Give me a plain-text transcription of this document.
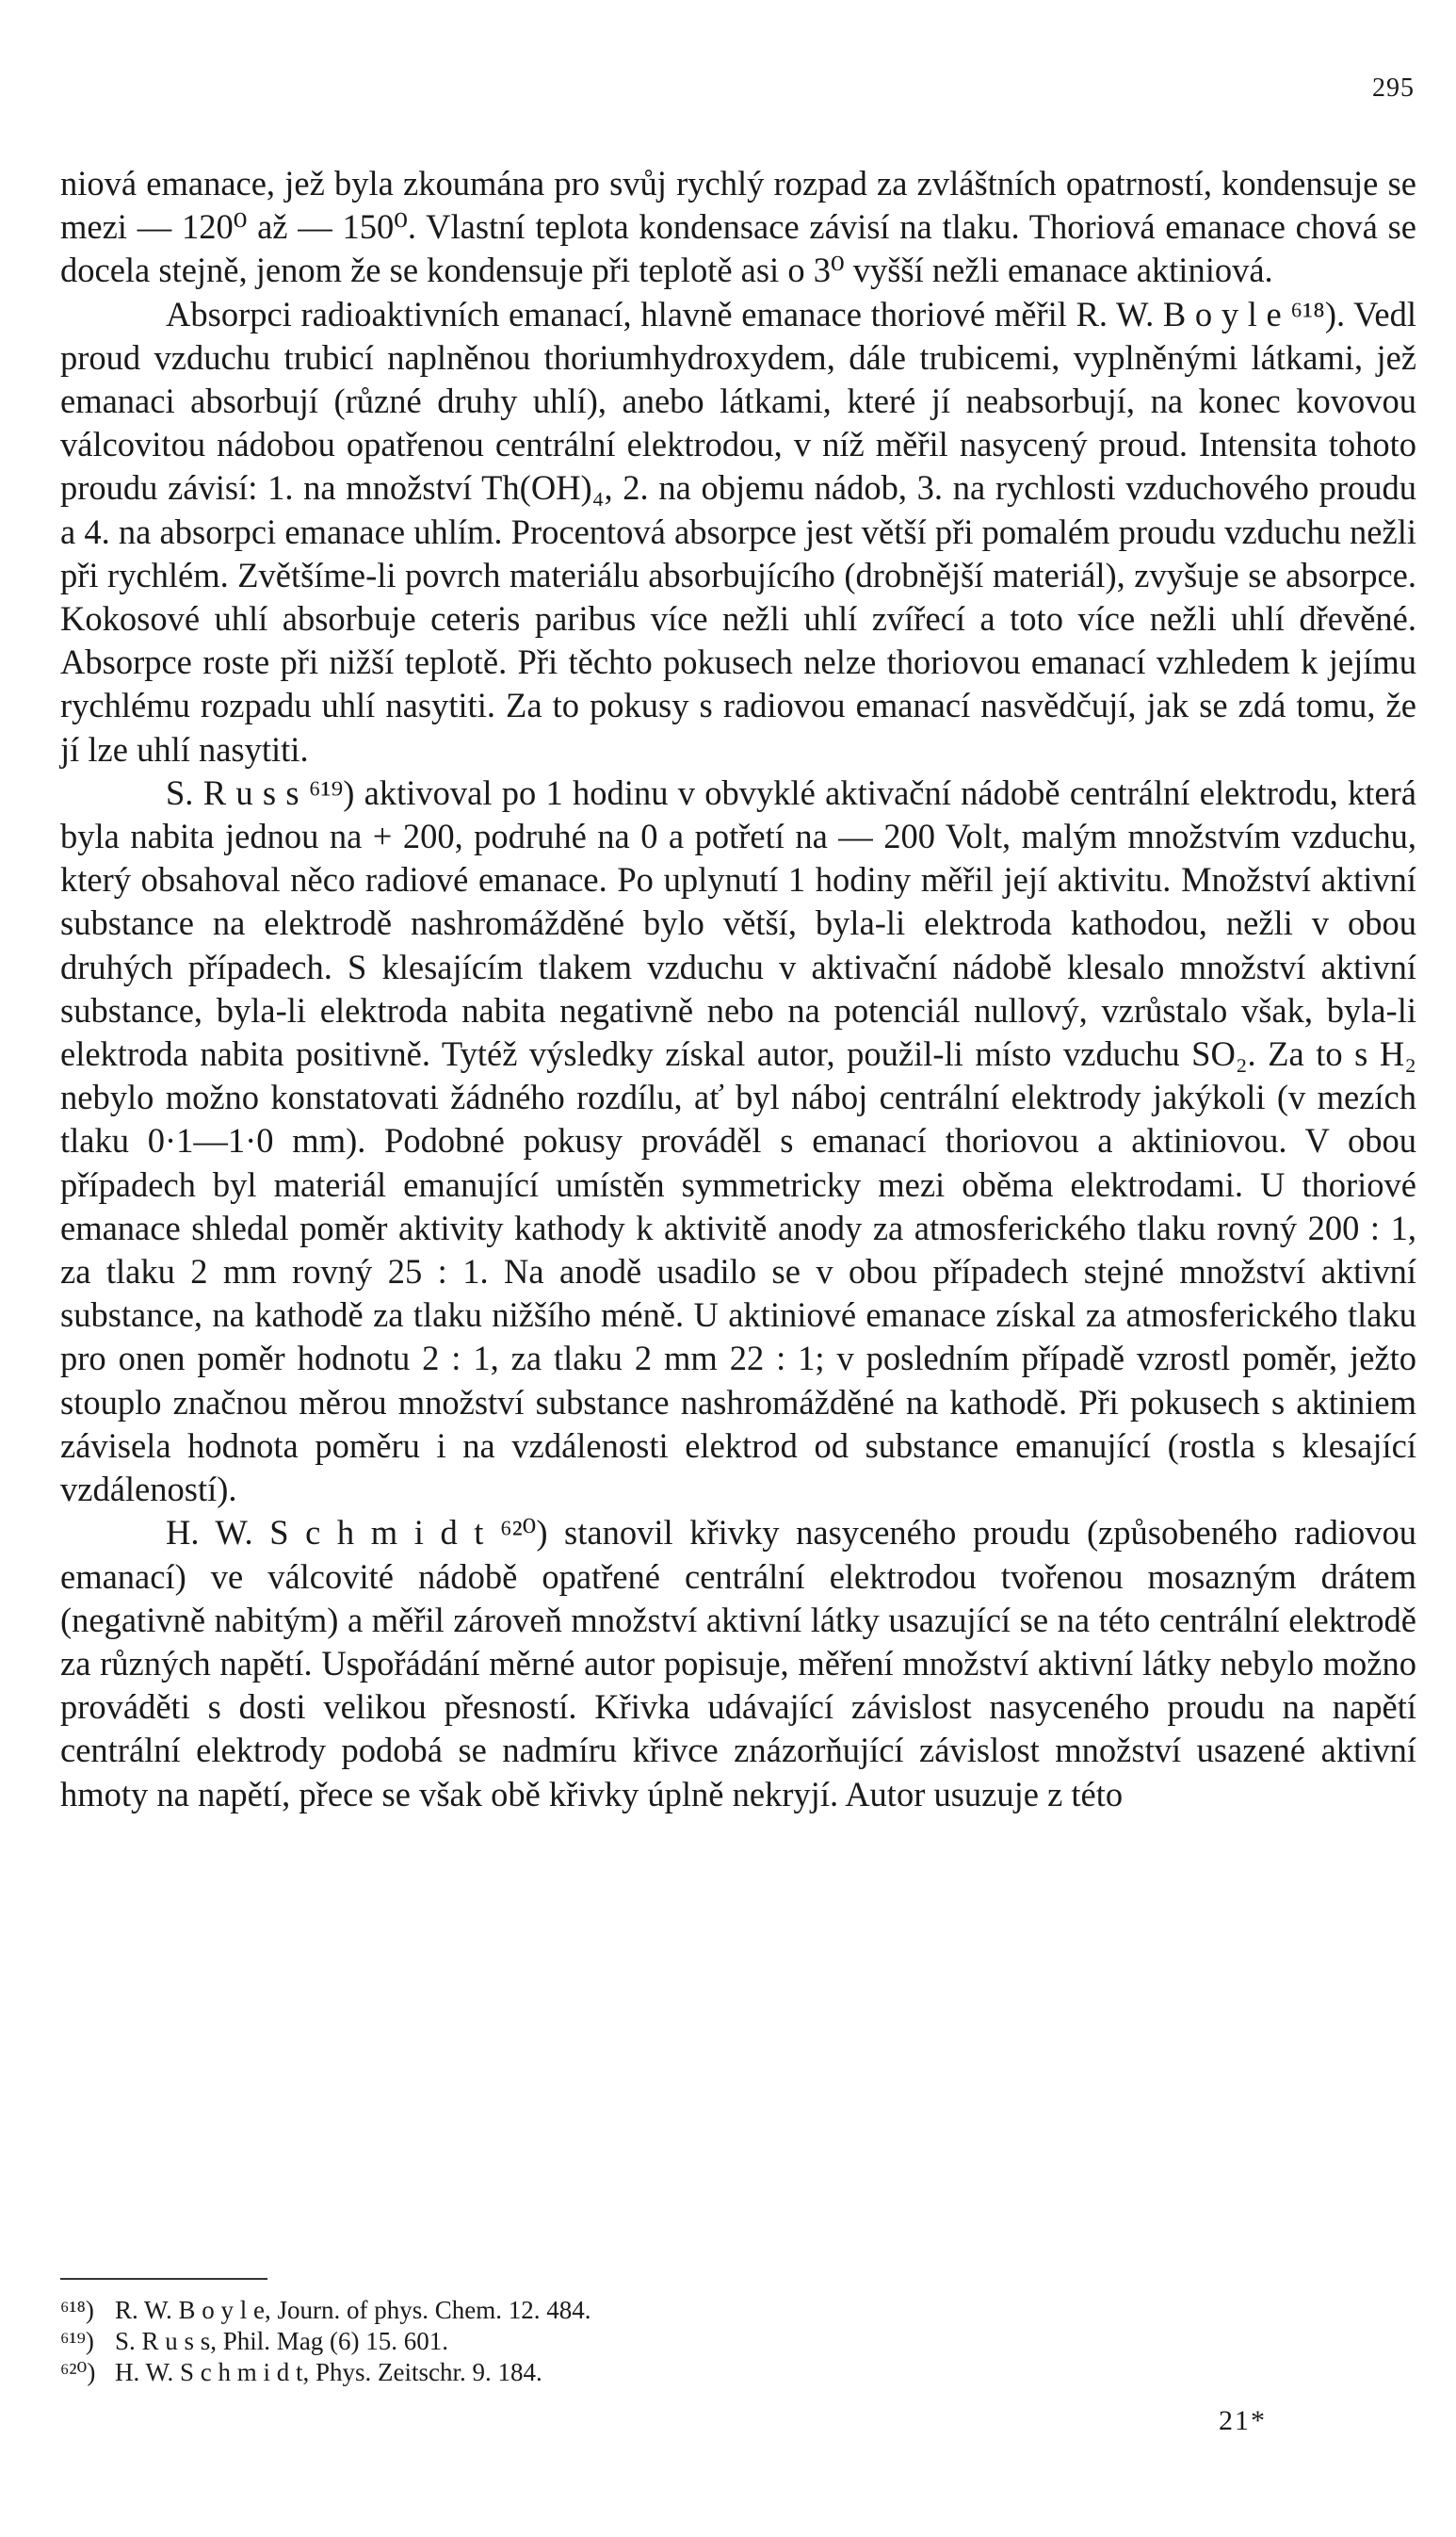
295

niová emanace, jež byla zkoumána pro svůj rychlý rozpad za zvláštních opatrností, kondensuje se mezi — 120⁰ až — 150⁰. Vlastní teplota kondensace závisí na tlaku. Thoriová emanace chová se docela stejně, jenom že se kondensuje při teplotě asi o 3⁰ vyšší nežli emanace aktiniová.

Absorpci radioaktivních emanací, hlavně emanace thoriové měřil R. W. B o y l e ⁶¹⁸). Vedl proud vzduchu trubicí naplněnou thoriumhydroxydem, dále trubicemi, vyplněnými látkami, jež emanaci absorbují (různé druhy uhlí), anebo látkami, které jí neabsorbují, na konec kovovou válcovitou nádobou opatřenou centrální elektrodou, v níž měřil nasycený proud. Intensita tohoto proudu závisí: 1. na množství Th(OH)₄, 2. na objemu nádob, 3. na rychlosti vzduchového proudu a 4. na absorpci emanace uhlím. Procentová absorpce jest větší při pomalém proudu vzduchu nežli při rychlém. Zvětšíme-li povrch materiálu absorbujícího (drobnější materiál), zvyšuje se absorpce. Kokosové uhlí absorbuje ceteris paribus více nežli uhlí zvířecí a toto více nežli uhlí dřevěné. Absorpce roste při nižší teplotě. Při těchto pokusech nelze thoriovou emanací vzhledem k jejímu rychlému rozpadu uhlí nasytiti. Za to pokusy s radiovou emanací nasvědčují, jak se zdá tomu, že jí lze uhlí nasytiti.

S. R u s s ⁶¹⁹) aktivoval po 1 hodinu v obvyklé aktivační nádobě centrální elektrodu, která byla nabita jednou na + 200, podruhé na 0 a potřetí na — 200 Volt, malým množstvím vzduchu, který obsahoval něco radiové emanace. Po uplynutí 1 hodiny měřil její aktivitu. Množství aktivní substance na elektrodě nashromážděné bylo větší, byla-li elektroda kathodou, nežli v obou druhých případech. S klesajícím tlakem vzduchu v aktivační nádobě klesalo množství aktivní substance, byla-li elektroda nabita negativně nebo na potenciál nullový, vzrůstalo však, byla-li elektroda nabita positivně. Tytéž výsledky získal autor, použil-li místo vzduchu SO₂. Za to s H₂ nebylo možno konstatovati žádného rozdílu, ať byl náboj centrální elektrody jakýkoli (v mezích tlaku 0·1—1·0 mm). Podobné pokusy prováděl s emanací thoriovou a aktiniovou. V obou případech byl materiál emanující umístěn symmetricky mezi oběma elektrodami. U thoriové emanace shledal poměr aktivity kathody k aktivitě anody za atmosferického tlaku rovný 200 : 1, za tlaku 2 mm rovný 25 : 1. Na anodě usadilo se v obou případech stejné množství aktivní substance, na kathodě za tlaku nižšího méně. U aktiniové emanace získal za atmosferického tlaku pro onen poměr hodnotu 2 : 1, za tlaku 2 mm 22 : 1; v posledním případě vzrostl poměr, ježto stouplo značnou měrou množství substance nashromážděné na kathodě. Při pokusech s aktiniem závisela hodnota poměru i na vzdálenosti elektrod od substance emanující (rostla s klesající vzdáleností).

H. W. S c h m i d t ⁶²⁰) stanovil křivky nasyceného proudu (způsobeného radiovou emanací) ve válcovité nádobě opatřené centrální elektrodou tvořenou mosazným drátem (negativně nabitým) a měřil zároveň množství aktivní látky usazující se na této centrální elektrodě za různých napětí. Uspořádání měrné autor popisuje, měření množství aktivní látky nebylo možno prováděti s dosti velikou přesností. Křivka udávající závislost nasyceného proudu na napětí centrální elektrody podobá se nadmíru křivce znázorňující závislost množství usazené aktivní hmoty na napětí, přece se však obě křivky úplně nekryjí. Autor usuzuje z této

⁶¹⁸) R. W. B o y l e, Journ. of phys. Chem. 12. 484.
⁶¹⁹) S. R u s s, Phil. Mag (6) 15. 601.
⁶²⁰) H. W. S c h m i d t, Phys. Zeitschr. 9. 184.
21*
